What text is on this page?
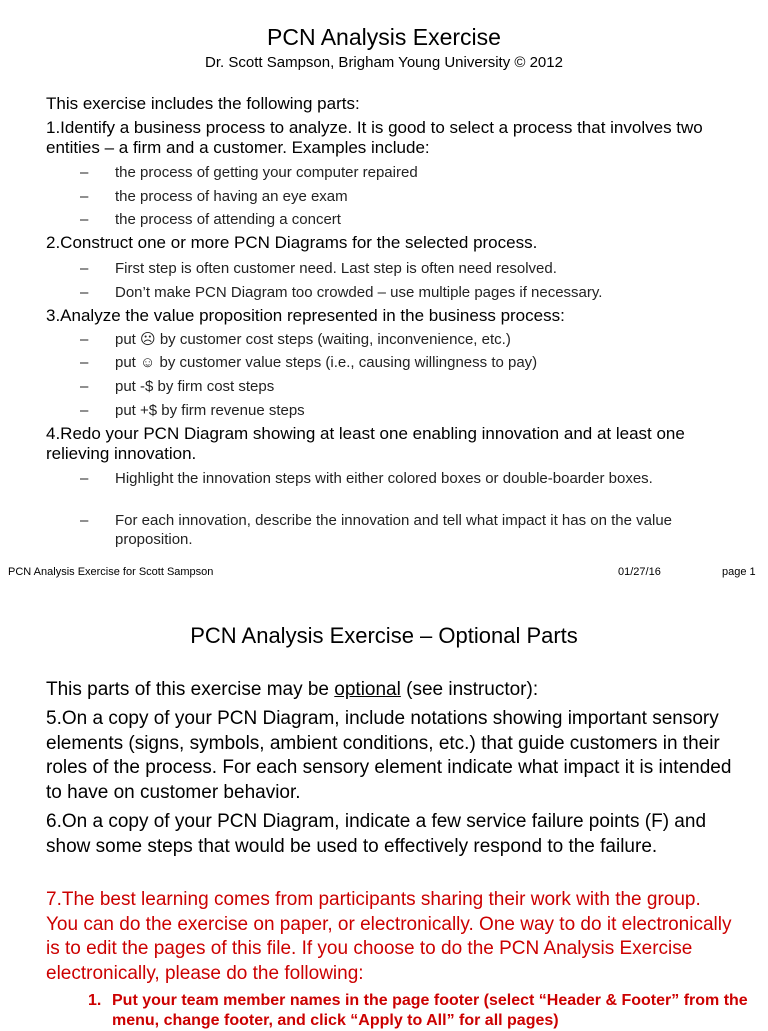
PCN Analysis Exercise
Dr. Scott Sampson, Brigham Young University © 2012
This exercise includes the following parts:
1.Identify a business process to analyze. It is good to select a process that involves two entities – a firm and a customer. Examples include:
–	the process of getting your computer repaired
–	the process of having an eye exam
–	the process of attending a concert
2.Construct one or more PCN Diagrams for the selected process.
–	First step is often customer need. Last step is often need resolved.
–	Don’t make PCN Diagram too crowded – use multiple pages if necessary.
3.Analyze the value proposition represented in the business process:
–	put ☹ by customer cost steps (waiting, inconvenience, etc.)
–	put ☺ by customer value steps (i.e., causing willingness to pay)
–	put -$ by firm cost steps
–	put +$ by firm revenue steps
4.Redo your PCN Diagram showing at least one enabling innovation and at least one relieving innovation.
–	Highlight the innovation steps with either colored boxes or double-boarder boxes.
–	For each innovation, describe the innovation and tell what impact it has on the value proposition.
PCN Analysis Exercise for Scott Sampson	01/27/16	page 1
PCN Analysis Exercise – Optional Parts
This parts of this exercise may be optional (see instructor):
5.On a copy of your PCN Diagram, include notations showing important sensory elements (signs, symbols, ambient conditions, etc.) that guide customers in their roles of the process. For each sensory element indicate what impact it is intended to have on customer behavior.
6.On a copy of your PCN Diagram, indicate a few service failure points (F) and show some steps that would be used to effectively respond to the failure.
7.The best learning comes from participants sharing their work with the group. You can do the exercise on paper, or electronically. One way to do it electronically is to edit the pages of this file. If you choose to do the PCN Analysis Exercise electronically, please do the following:
1. Put your team member names in the page footer (select “Header & Footer” from the menu, change footer, and click “Apply to All” for all pages)
